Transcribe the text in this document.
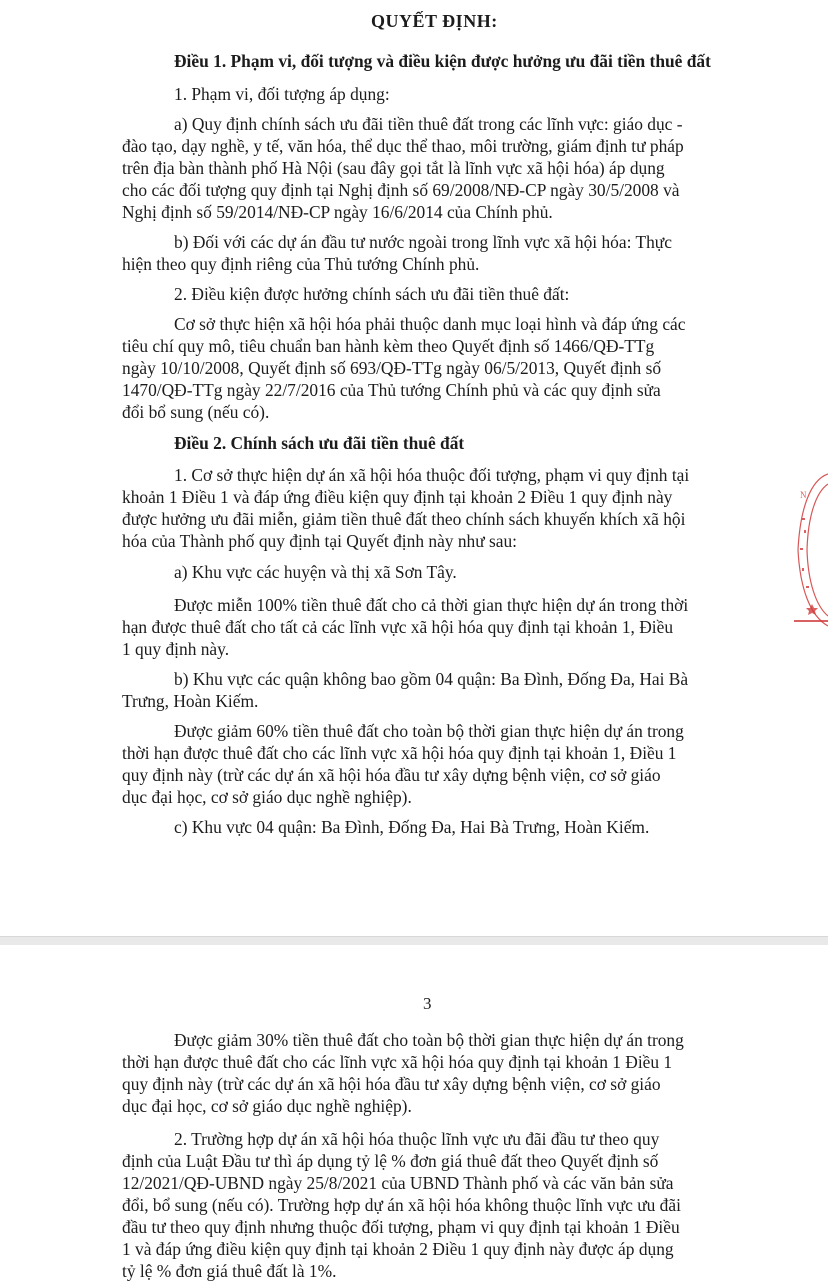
QUYẾT ĐỊNH:
Điều 1. Phạm vi, đối tượng và điều kiện được hưởng ưu đãi tiền thuê đất
1. Phạm vi, đối tượng áp dụng:
a) Quy định chính sách ưu đãi tiền thuê đất trong các lĩnh vực: giáo dục -
đào tạo, dạy nghề, y tế, văn hóa, thể dục thể thao, môi trường, giám định tư pháp
trên địa bàn thành phố Hà Nội (sau đây gọi tắt là lĩnh vực xã hội hóa) áp dụng
cho các đối tượng quy định tại Nghị định số 69/2008/NĐ-CP ngày 30/5/2008 và
Nghị định số 59/2014/NĐ-CP ngày 16/6/2014 của Chính phủ.
b) Đối với các dự án đầu tư nước ngoài trong lĩnh vực xã hội hóa: Thực
hiện theo quy định riêng của Thủ tướng Chính phủ.
2. Điều kiện được hưởng chính sách ưu đãi tiền thuê đất:
Cơ sở thực hiện xã hội hóa phải thuộc danh mục loại hình và đáp ứng các
tiêu chí quy mô, tiêu chuẩn ban hành kèm theo Quyết định số 1466/QĐ-TTg
ngày 10/10/2008, Quyết định số 693/QĐ-TTg ngày 06/5/2013, Quyết định số
1470/QĐ-TTg ngày 22/7/2016 của Thủ tướng Chính phủ và các quy định sửa
đổi bổ sung (nếu có).
Điều 2. Chính sách ưu đãi tiền thuê đất
1. Cơ sở thực hiện dự án xã hội hóa thuộc đối tượng, phạm vi quy định tại
khoản 1 Điều 1 và đáp ứng điều kiện quy định tại khoản 2 Điều 1 quy định này
được hưởng ưu đãi miễn, giảm tiền thuê đất theo chính sách khuyến khích xã hội
hóa của Thành phố quy định tại Quyết định này như sau:
a) Khu vực các huyện và thị xã Sơn Tây.
Được miễn 100% tiền thuê đất cho cả thời gian thực hiện dự án trong thời
hạn được thuê đất cho tất cả các lĩnh vực xã hội hóa quy định tại khoản 1, Điều
1 quy định này.
b) Khu vực các quận không bao gồm 04 quận: Ba Đình, Đống Đa, Hai Bà
Trưng, Hoàn Kiếm.
Được giảm 60% tiền thuê đất cho toàn bộ thời gian thực hiện dự án trong
thời hạn được thuê đất cho các lĩnh vực xã hội hóa quy định tại khoản 1, Điều 1
quy định này (trừ các dự án xã hội hóa đầu tư xây dựng bệnh viện, cơ sở giáo
dục đại học, cơ sở giáo dục nghề nghiệp).
c) Khu vực 04 quận: Ba Đình, Đống Đa, Hai Bà Trưng, Hoàn Kiếm.
N
3
Được giảm 30% tiền thuê đất cho toàn bộ thời gian thực hiện dự án trong
thời hạn được thuê đất cho các lĩnh vực xã hội hóa quy định tại khoản 1 Điều 1
quy định này (trừ các dự án xã hội hóa đầu tư xây dựng bệnh viện, cơ sở giáo
dục đại học, cơ sở giáo dục nghề nghiệp).
2. Trường hợp dự án xã hội hóa thuộc lĩnh vực ưu đãi đầu tư theo quy
định của Luật Đầu tư thì áp dụng tỷ lệ % đơn giá thuê đất theo Quyết định số
12/2021/QĐ-UBND ngày 25/8/2021 của UBND Thành phố và các văn bản sửa
đổi, bổ sung (nếu có). Trường hợp dự án xã hội hóa không thuộc lĩnh vực ưu đãi
đầu tư theo quy định nhưng thuộc đối tượng, phạm vi quy định tại khoản 1 Điều
1 và đáp ứng điều kiện quy định tại khoản 2 Điều 1 quy định này được áp dụng
tỷ lệ % đơn giá thuê đất là 1%.
